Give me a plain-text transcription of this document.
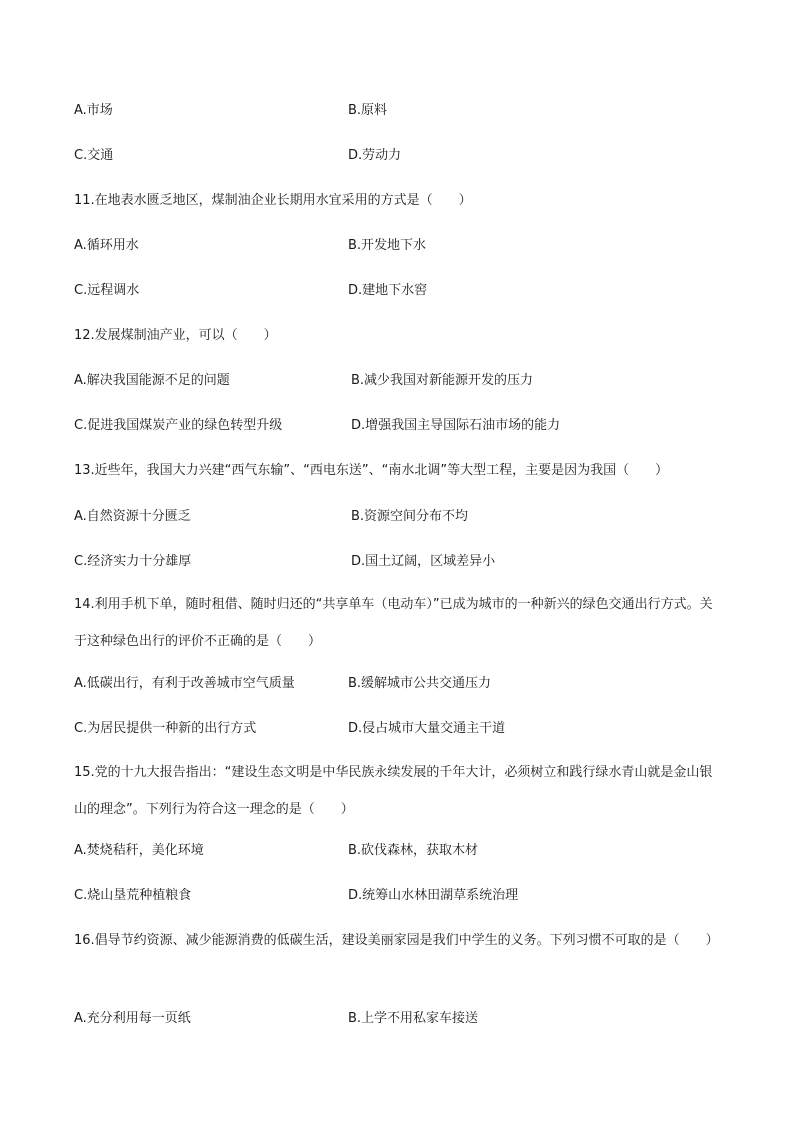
A.市场	B.原料
C.交通	D.劳动力
11.在地表水匮乏地区，煤制油企业长期用水宜采用的方式是（　　）
A.循环用水	B.开发地下水
C.远程调水	D.建地下水窖
12.发展煤制油产业，可以（　　）
A.解决我国能源不足的问题	B.减少我国对新能源开发的压力
C.促进我国煤炭产业的绿色转型升级	D.增强我国主导国际石油市场的能力
13.近些年，我国大力兴建“西气东输”、“西电东送”、“南水北调”等大型工程，主要是因为我国（　　）
A.自然资源十分匮乏	B.资源空间分布不均
C.经济实力十分雄厚	D.国土辽阔，区域差异小
14.利用手机下单，随时租借、随时归还的“共享单车（电动车）”已成为城市的一种新兴的绿色交通出行方式。关于这种绿色出行的评价不正确的是（　　）
A.低碳出行，有利于改善城市空气质量	B.缓解城市公共交通压力
C.为居民提供一种新的出行方式	D.侵占城市大量交通主干道
15.党的十九大报告指出：“建设生态文明是中华民族永续发展的千年大计，必须树立和践行绿水青山就是金山银山的理念”。下列行为符合这一理念的是（　　）
A.焚烧秸秆，美化环境	B.砍伐森林，获取木材
C.烧山垦荒种植粮食	D.统筹山水林田湖草系统治理
16.倡导节约资源、减少能源消费的低碳生活，建设美丽家园是我们中学生的义务。下列习惯不可取的是（　　）
A.充分利用每一页纸	B.上学不用私家车接送
